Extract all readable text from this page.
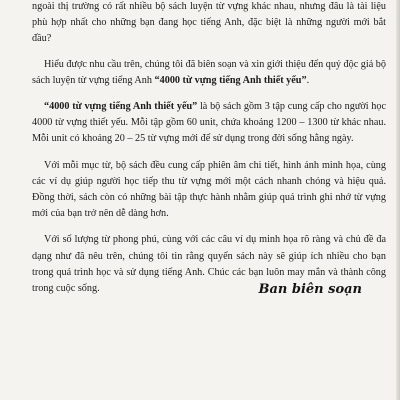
ngoài thị trường có rất nhiều bộ sách luyện từ vựng khác nhau, nhưng đâu là tài liệu phù hợp nhất cho những bạn đang học tiếng Anh, đặc biệt là những người mới bắt đầu?

Hiểu được nhu cầu trên, chúng tôi đã biên soạn và xin giới thiệu đến quý độc giả bộ sách luyện từ vựng tiếng Anh “4000 từ vựng tiếng Anh thiết yếu”.

“4000 từ vựng tiếng Anh thiết yếu” là bộ sách gồm 3 tập cung cấp cho người học 4000 từ vựng thiết yếu. Mỗi tập gồm 60 unit, chứa khoảng 1200 – 1300 từ khác nhau. Mỗi unit có khoảng 20 – 25 từ vựng mới để sử dụng trong đời sống hằng ngày.

Với mỗi mục từ, bộ sách đều cung cấp phiên âm chi tiết, hình ảnh minh họa, cùng các ví dụ giúp người học tiếp thu từ vựng mới một cách nhanh chóng và hiệu quả. Đồng thời, sách còn có những bài tập thực hành nhằm giúp quá trình ghi nhớ từ vựng mới của bạn trở nên dễ dàng hơn.

Với số lượng từ phong phú, cùng với các câu ví dụ minh họa rõ ràng và chủ đề đa dạng như đã nêu trên, chúng tôi tin rằng quyển sách này sẽ giúp ích nhiều cho bạn trong quá trình học và sử dụng tiếng Anh. Chúc các bạn luôn may mắn và thành công trong cuộc sống.	Ban biên soạn
